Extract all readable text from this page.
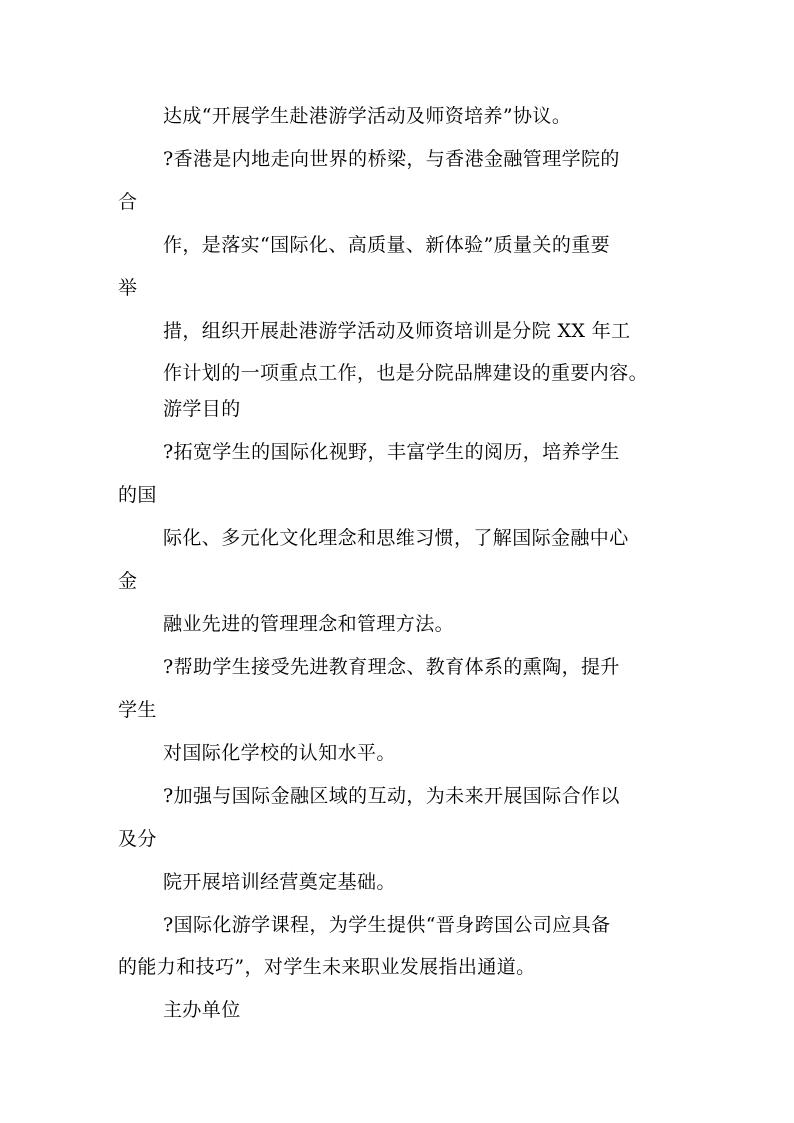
达成“开展学生赴港游学活动及师资培养”协议。
?香港是内地走向世界的桥梁，与香港金融管理学院的
合
作，是落实“国际化、高质量、新体验”质量关的重要
举
措，组织开展赴港游学活动及师资培训是分院 XX 年工
作计划的一项重点工作，也是分院品牌建设的重要内容。
游学目的
?拓宽学生的国际化视野，丰富学生的阅历，培养学生
的国
际化、多元化文化理念和思维习惯，了解国际金融中心
金
融业先进的管理理念和管理方法。
?帮助学生接受先进教育理念、教育体系的熏陶，提升
学生
对国际化学校的认知水平。
?加强与国际金融区域的互动，为未来开展国际合作以
及分
院开展培训经营奠定基础。
?国际化游学课程，为学生提供“晋身跨国公司应具备
的能力和技巧”，对学生未来职业发展指出通道。
主办单位
